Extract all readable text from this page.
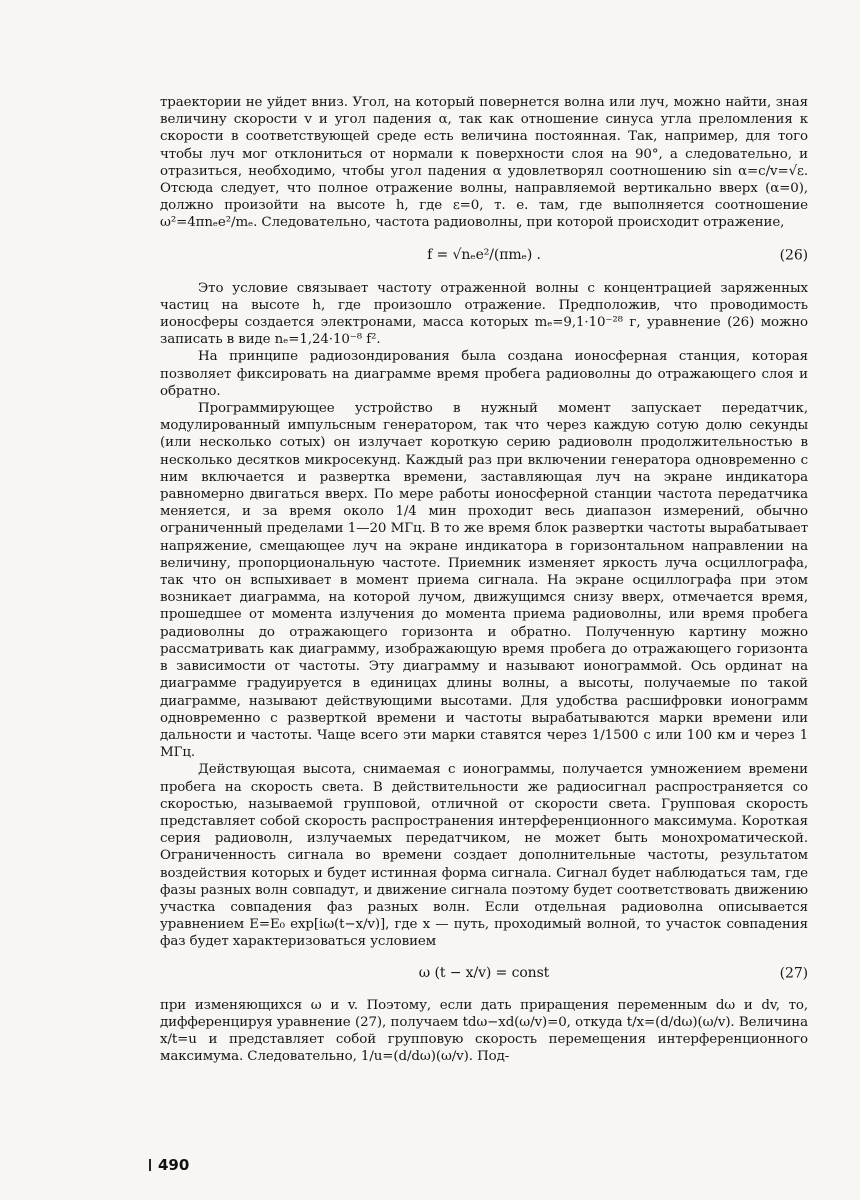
траектории не уйдет вниз. Угол, на который повернется волна или луч, можно найти, зная величину скорости v и угол падения α, так как отношение синуса угла преломления к скорости в соответствующей среде есть величина постоянная. Так, например, для того чтобы луч мог отклониться от нормали к поверхности слоя на 90°, а следовательно, и отразиться, необходимо, чтобы угол падения α удовлетворял соотношению sin α=c/v=√ε. Отсюда следует, что полное отражение волны, направляемой вертикально вверх (α=0), должно произойти на высоте h, где ε=0, т. е. там, где выполняется соотношение ω²=4πnₑe²/mₑ. Следовательно, частота радиоволны, при которой происходит отражение,

f = √nₑe²/(πmₑ) .	(26)

Это условие связывает частоту отраженной волны с концентрацией заряженных частиц на высоте h, где произошло отражение. Предположив, что проводимость ионосферы создается электронами, масса которых mₑ=9,1·10⁻²⁸ г, уравнение (26) можно записать в виде nₑ=1,24·10⁻⁸ f².

На принципе радиозондирования была создана ионосферная станция, которая позволяет фиксировать на диаграмме время пробега радиоволны до отражающего слоя и обратно.

Программирующее устройство в нужный момент запускает передатчик, модулированный импульсным генератором, так что через каждую сотую долю секунды (или несколько сотых) он излучает короткую серию радиоволн продолжительностью в несколько десятков микросекунд. Каждый раз при включении генератора одновременно с ним включается и развертка времени, заставляющая луч на экране индикатора равномерно двигаться вверх. По мере работы ионосферной станции частота передатчика меняется, и за время около 1/4 мин проходит весь диапазон измерений, обычно ограниченный пределами 1—20 МГц. В то же время блок развертки частоты вырабатывает напряжение, смещающее луч на экране индикатора в горизонтальном направлении на величину, пропорциональную частоте. Приемник изменяет яркость луча осциллографа, так что он вспыхивает в момент приема сигнала. На экране осциллографа при этом возникает диаграмма, на которой лучом, движущимся снизу вверх, отмечается время, прошедшее от момента излучения до момента приема радиоволны, или время пробега радиоволны до отражающего горизонта и обратно. Полученную картину можно рассматривать как диаграмму, изображающую время пробега до отражающего горизонта в зависимости от частоты. Эту диаграмму и называют ионограммой. Ось ординат на диаграмме градуируется в единицах длины волны, а высоты, получаемые по такой диаграмме, называют действующими высотами. Для удобства расшифровки ионограмм одновременно с разверткой времени и частоты вырабатываются марки времени или дальности и частоты. Чаще всего эти марки ставятся через 1/1500 с или 100 км и через 1 МГц.

Действующая высота, снимаемая с ионограммы, получается умножением времени пробега на скорость света. В действительности же радиосигнал распространяется со скоростью, называемой групповой, отличной от скорости света. Групповая скорость представляет собой скорость распространения интерференционного максимума. Короткая серия радиоволн, излучаемых передатчиком, не может быть монохроматической. Ограниченность сигнала во времени создает дополнительные частоты, результатом воздействия которых и будет истинная форма сигнала. Сигнал будет наблюдаться там, где фазы разных волн совпадут, и движение сигнала поэтому будет соответствовать движению участка совпадения фаз разных волн. Если отдельная радиоволна описывается уравнением E=E₀ exp[iω(t−x/v)], где x — путь, проходимый волной, то участок совпадения фаз будет характеризоваться условием

ω (t − x/v) = const	(27)

при изменяющихся ω и v. Поэтому, если дать приращения переменным dω и dv, то, дифференцируя уравнение (27), получаем tdω−xd(ω/v)=0, откуда t/x=(d/dω)(ω/v). Величина x/t=u и представляет собой групповую скорость перемещения интерференционного максимума. Следовательно, 1/u=(d/dω)(ω/v). Под-

490
